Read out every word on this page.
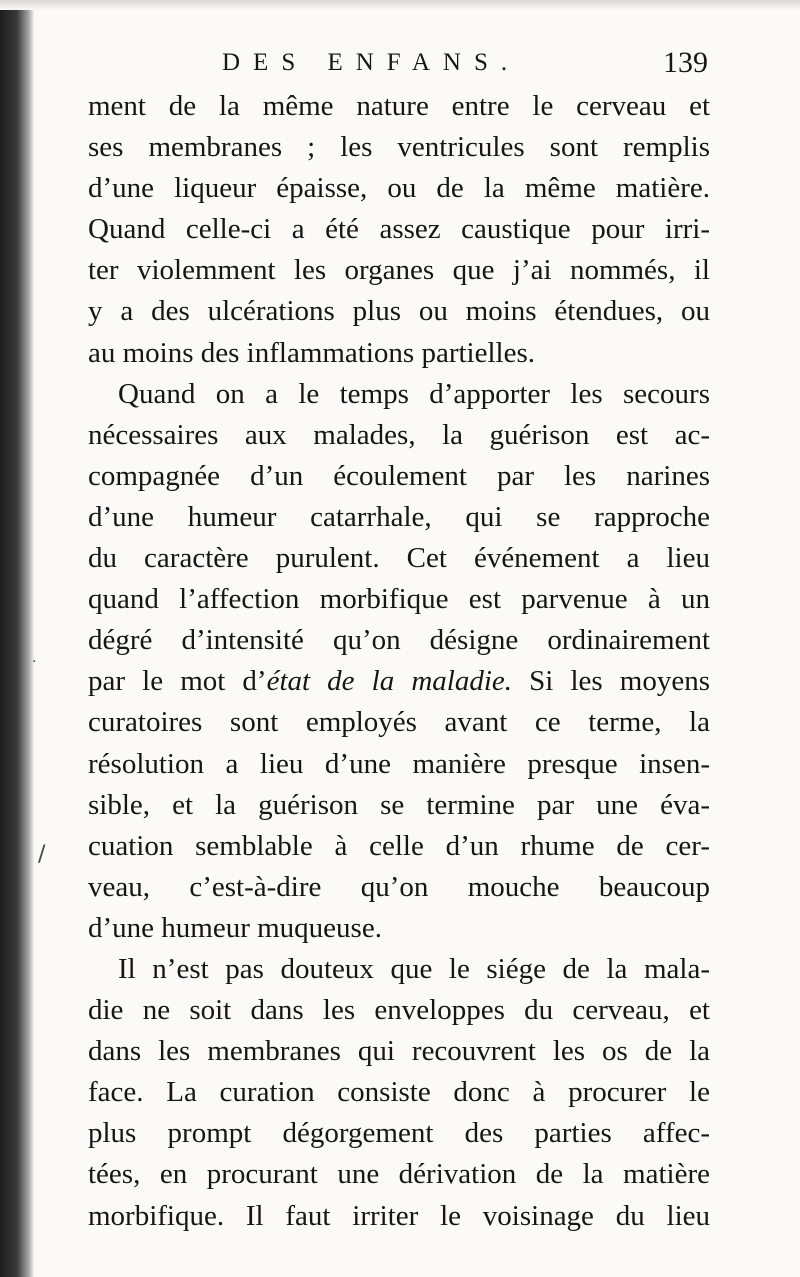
/
.
DES ENFANS.	139
ment de la même nature entre le cerveau et
ses membranes ; les ventricules sont remplis
d’une liqueur épaisse, ou de la même matière.
Quand celle-ci a été assez caustique pour irri-
ter violemment les organes que j’ai nommés, il
y a des ulcérations plus ou moins étendues, ou
au moins des inflammations partielles.
Quand on a le temps d’apporter les secours
nécessaires aux malades, la guérison est ac-
compagnée d’un écoulement par les narines
d’une humeur catarrhale, qui se rapproche
du caractère purulent. Cet événement a lieu
quand l’affection morbifique est parvenue à un
dégré d’intensité qu’on désigne ordinairement
par le mot d’état de la maladie. Si les moyens
curatoires sont employés avant ce terme, la
résolution a lieu d’une manière presque insen-
sible, et la guérison se termine par une éva-
cuation semblable à celle d’un rhume de cer-
veau, c’est-à-dire qu’on mouche beaucoup
d’une humeur muqueuse.
Il n’est pas douteux que le siége de la mala-
die ne soit dans les enveloppes du cerveau, et
dans les membranes qui recouvrent les os de la
face. La curation consiste donc à procurer le
plus prompt dégorgement des parties affec-
tées, en procurant une dérivation de la matière
morbifique. Il faut irriter le voisinage du lieu
